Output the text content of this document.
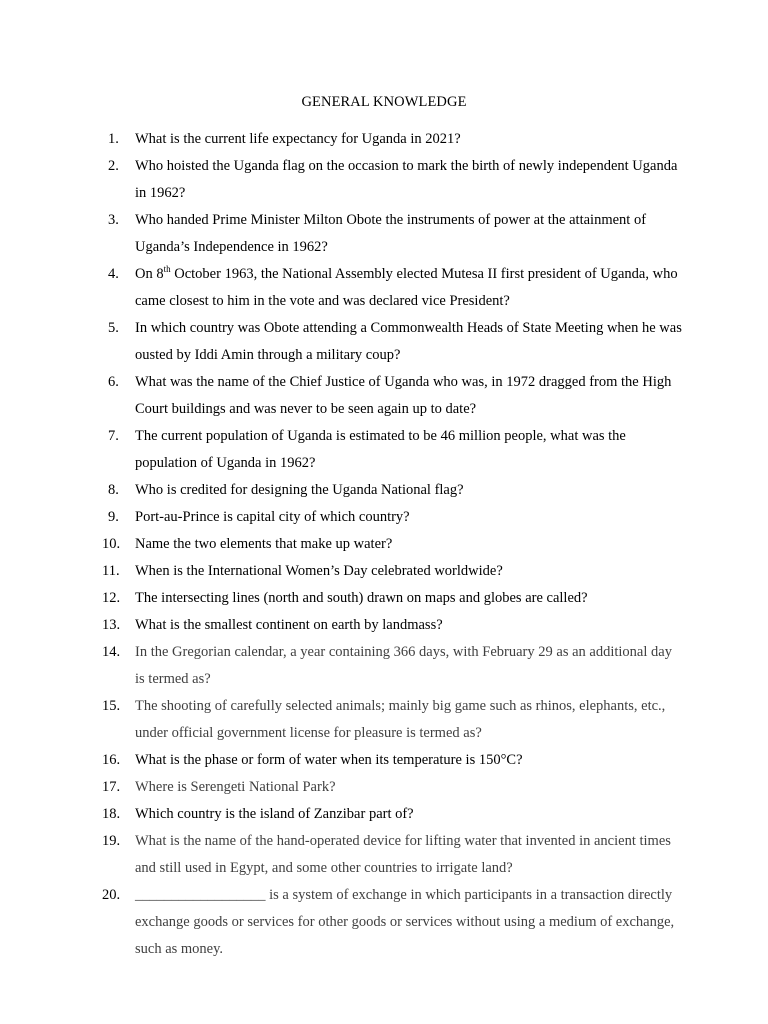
GENERAL KNOWLEDGE
1.	What is the current life expectancy for Uganda in 2021?
2.	Who hoisted the Uganda flag on the occasion to mark the birth of newly independent Uganda in 1962?
3.	Who handed Prime Minister Milton Obote the instruments of power at the attainment of Uganda’s Independence in 1962?
4.	On 8th October 1963, the National Assembly elected Mutesa II first president of Uganda, who came closest to him in the vote and was declared vice President?
5.	In which country was Obote attending a Commonwealth Heads of State Meeting when he was ousted by Iddi Amin through a military coup?
6.	What was the name of the Chief Justice of Uganda who was, in 1972 dragged from the High Court buildings and was never to be seen again up to date?
7.	The current population of Uganda is estimated to be 46 million people, what was the population of Uganda in 1962?
8.	Who is credited for designing the Uganda National flag?
9.	Port-au-Prince is capital city of which country?
10.	Name the two elements that make up water?
11.	When is the International Women’s Day celebrated worldwide?
12.	The intersecting lines (north and south) drawn on maps and globes are called?
13.	What is the smallest continent on earth by landmass?
14.	In the Gregorian calendar, a year containing 366 days, with February 29 as an additional day is termed as?
15.	The shooting of carefully selected animals; mainly big game such as rhinos, elephants, etc., under official government license for pleasure is termed as?
16.	What is the phase or form of water when its temperature is 150°C?
17.	Where is Serengeti National Park?
18.	Which country is the island of Zanzibar part of?
19.	What is the name of the hand-operated device for lifting water that invented in ancient times and still used in Egypt, and some other countries to irrigate land?
20.	__________________ is a system of exchange in which participants in a transaction directly exchange goods or services for other goods or services without using a medium of exchange, such as money.
